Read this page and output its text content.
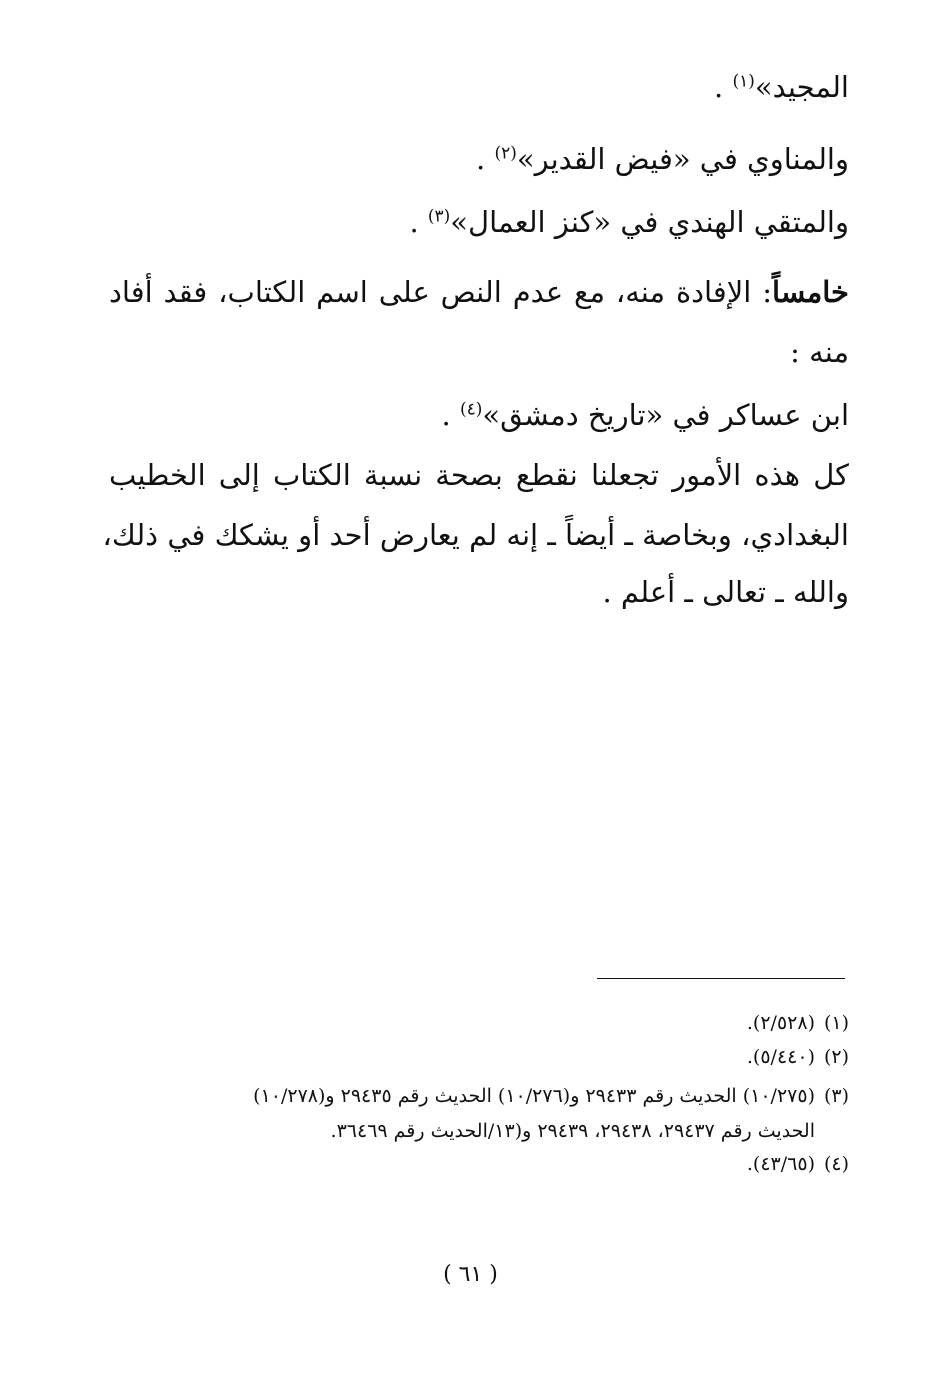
المجيد»$^{(١)}$ .
والمناوي في «فيض القدير»$^{(٢)}$ .
والمتقي الهندي في «كنز العمال»$^{(٣)}$ .
خامساً: الإفادة منه، مع عدم النص على اسم الكتاب، فقد أفاد
منه :
ابن عساكر في «تاريخ دمشق»$^{(٤)}$ .
كل هذه الأمور تجعلنا نقطع بصحة نسبة الكتاب إلى الخطيب
البغدادي، وبخاصة ـ أيضاً ـ إنه لم يعارض أحد أو يشكك في ذلك،
والله ـ تعالى ـ أعلم .
(١)(٢/٥٢٨).
(٢)(٥/٤٤٠).
(٣)(١٠/٢٧٥) الحديث رقم ٢٩٤٣٣ و(١٠/٢٧٦) الحديث رقم ٢٩٤٣٥ و(١٠/٢٧٨)
الحديث رقم ٢٩٤٣٧، ٢٩٤٣٨، ٢٩٤٣٩ و(١٣/الحديث رقم ٣٦٤٦٩.
(٤)(٤٣/٦٥).
( ٦١ )
